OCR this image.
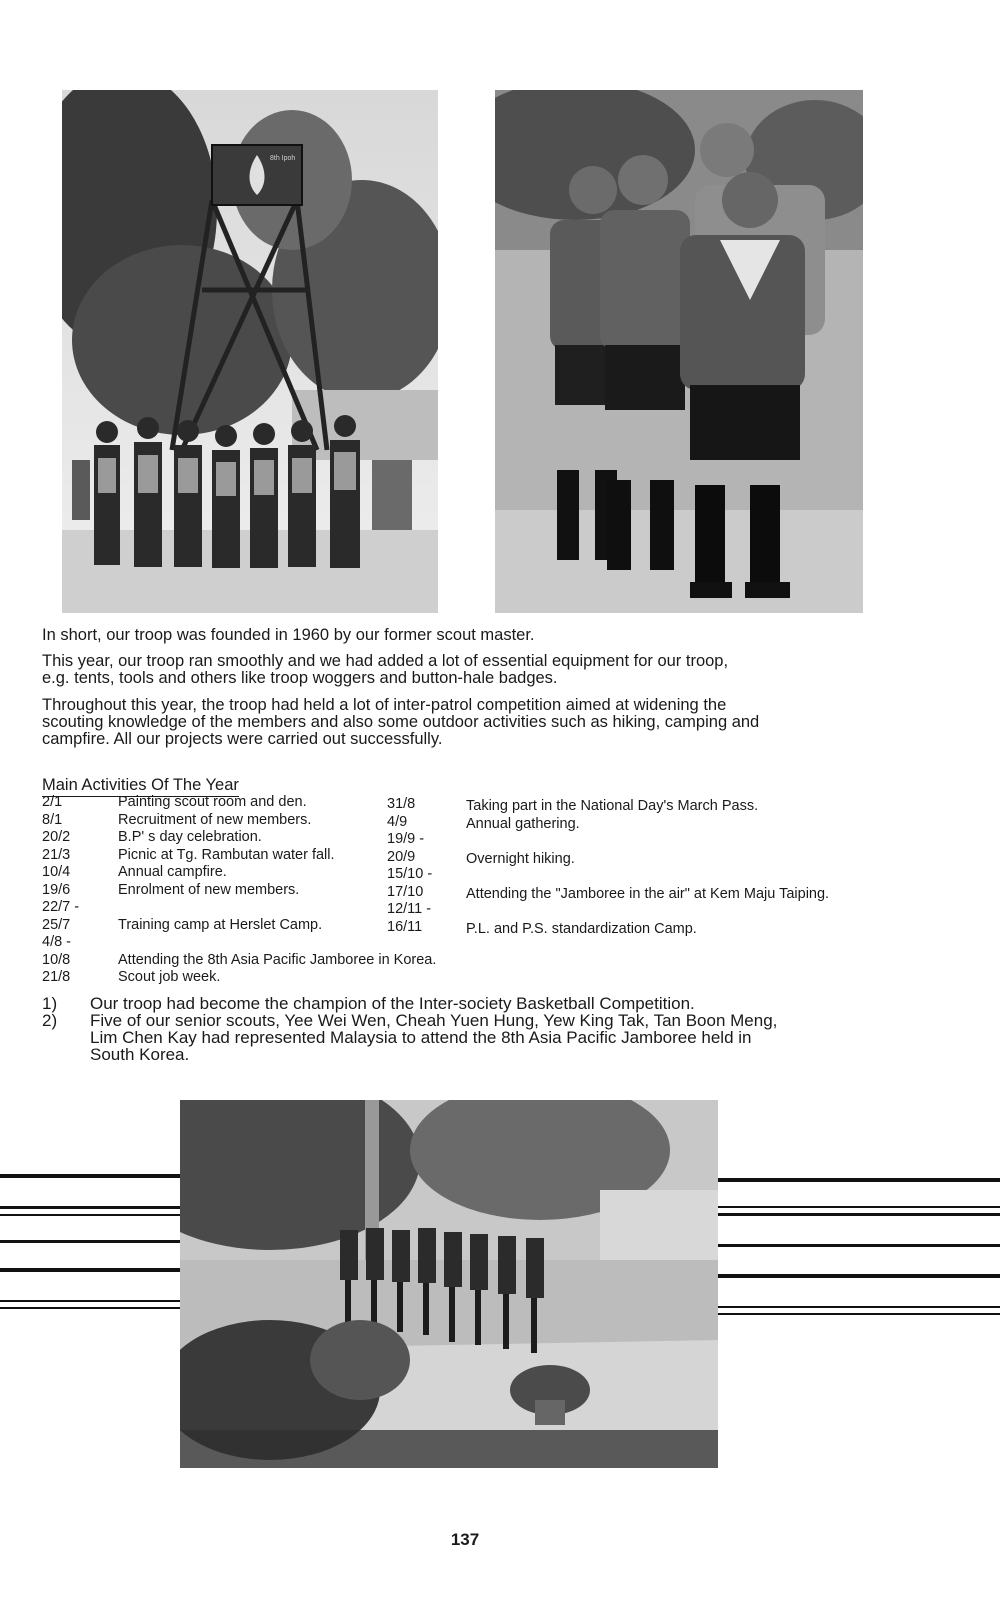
8th Ipoh
In short, our troop was founded in 1960 by our former scout master.
This year, our troop ran smoothly and we had added a lot of essential equipment for our troop,
e.g. tents, tools and others like troop woggers and button-hale badges.
Throughout this year, the troop had held a lot of inter-patrol competition aimed at widening the
scouting knowledge of the members and also some outdoor activities such as hiking, camping and
campfire. All our projects were carried out successfully.
Main Activities Of The Year
2/1
8/1
20/2
21/3
10/4
19/6
22/7 -
25/7
4/8 -
10/8
21/8
Painting scout room and den.
Recruitment of new members.
B.P' s day celebration.
Picnic at Tg. Rambutan water fall.
Annual campfire.
Enrolment of new members.
Training camp at Herslet Camp.
Attending the 8th Asia Pacific Jamboree in Korea.
Scout job week.
31/8
4/9
19/9 -
20/9
15/10 -
17/10
12/11 -
16/11
Taking part in the National Day's March Pass.
Annual gathering.
Overnight hiking.
Attending the "Jamboree in the air" at Kem Maju Taiping.
P.L. and P.S. standardization Camp.
1)	Our troop had become the champion of the Inter-society Basketball Competition.
2)	Five of our senior scouts, Yee Wei Wen, Cheah Yuen Hung, Yew King Tak, Tan Boon Meng,
Lim Chen Kay had represented Malaysia to attend the 8th Asia Pacific Jamboree held in
South Korea.
137
